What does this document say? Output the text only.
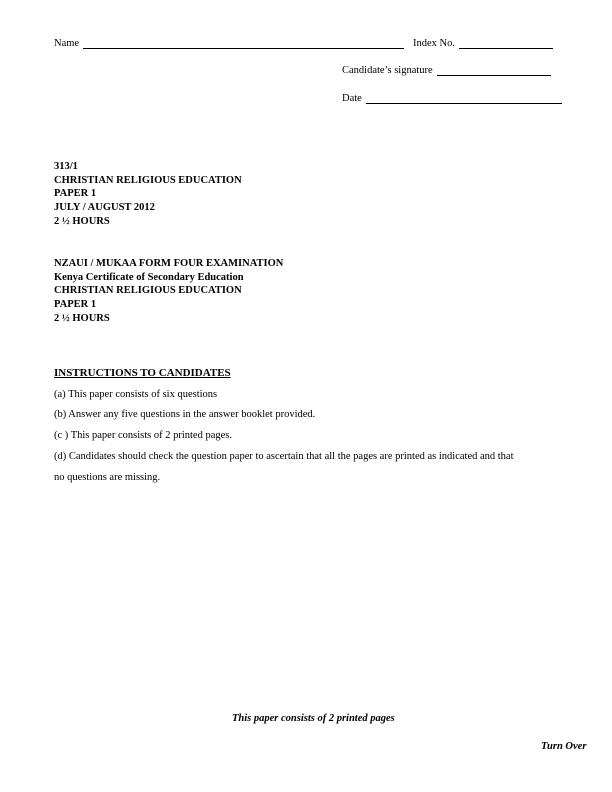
Name	Index No.
Candidate’s signature
Date
313/1
CHRISTIAN RELIGIOUS EDUCATION
PAPER 1
JULY / AUGUST 2012
2 ½ HOURS
NZAUI / MUKAA FORM FOUR EXAMINATION
Kenya Certificate of Secondary Education
CHRISTIAN RELIGIOUS EDUCATION
PAPER 1
2 ½ HOURS
INSTRUCTIONS TO CANDIDATES
(a) This paper consists of six questions
(b) Answer any five questions in the answer booklet provided.
(c ) This paper consists of 2 printed pages.
(d) Candidates should check the question paper to ascertain that all the pages are printed as indicated and that
no questions are missing.
This paper consists of 2 printed pages
Turn Over
